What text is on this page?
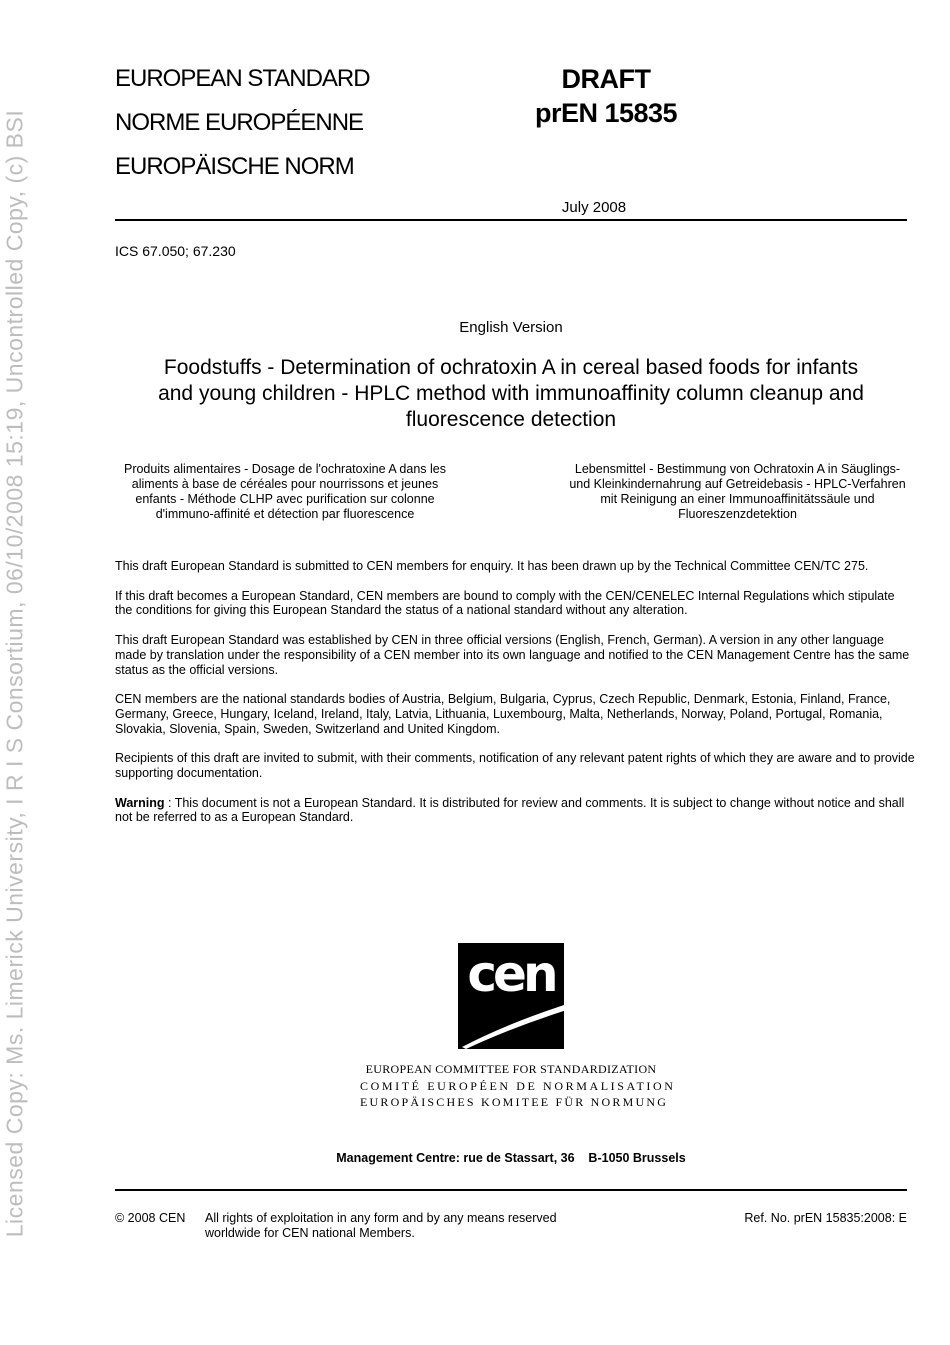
Licensed Copy: Ms. Limerick University, I R I S Consortium, 06/10/2008 15:19, Uncontrolled Copy, (c) BSI
EUROPEAN STANDARD
NORME EUROPÉENNE
EUROPÄISCHE NORM
DRAFT
prEN 15835
July 2008
ICS 67.050; 67.230
English Version
Foodstuffs - Determination of ochratoxin A in cereal based foods for infants and young children - HPLC method with immunoaffinity column cleanup and fluorescence detection
Produits alimentaires - Dosage de l'ochratoxine A dans les aliments à base de céréales pour nourrissons et jeunes enfants - Méthode CLHP avec purification sur colonne d'immuno-affinité et détection par fluorescence
Lebensmittel - Bestimmung von Ochratoxin A in Säuglings- und Kleinkindernahrung auf Getreidebasis - HPLC-Verfahren mit Reinigung an einer Immunoaffinitätssäule und Fluoreszenzdetektion

This draft European Standard is submitted to CEN members for enquiry. It has been drawn up by the Technical Committee CEN/TC 275.

If this draft becomes a European Standard, CEN members are bound to comply with the CEN/CENELEC Internal Regulations which stipulate the conditions for giving this European Standard the status of a national standard without any alteration.

This draft European Standard was established by CEN in three official versions (English, French, German). A version in any other language made by translation under the responsibility of a CEN member into its own language and notified to the CEN Management Centre has the same status as the official versions.

CEN members are the national standards bodies of Austria, Belgium, Bulgaria, Cyprus, Czech Republic, Denmark, Estonia, Finland, France, Germany, Greece, Hungary, Iceland, Ireland, Italy, Latvia, Lithuania, Luxembourg, Malta, Netherlands, Norway, Poland, Portugal, Romania, Slovakia, Slovenia, Spain, Sweden, Switzerland and United Kingdom.

Recipients of this draft are invited to submit, with their comments, notification of any relevant patent rights of which they are aware and to provide supporting documentation.

Warning : This document is not a European Standard. It is distributed for review and comments. It is subject to change without notice and shall not be referred to as a European Standard.

cen
EUROPEAN COMMITTEE FOR STANDARDIZATION
COMITÉ EUROPÉEN DE NORMALISATION
EUROPÄISCHES KOMITEE FÜR NORMUNG
Management Centre: rue de Stassart, 36    B-1050 Brussels
© 2008 CEN All rights of exploitation in any form and by any means reserved worldwide for CEN national Members.
Ref. No. prEN 15835:2008: E
